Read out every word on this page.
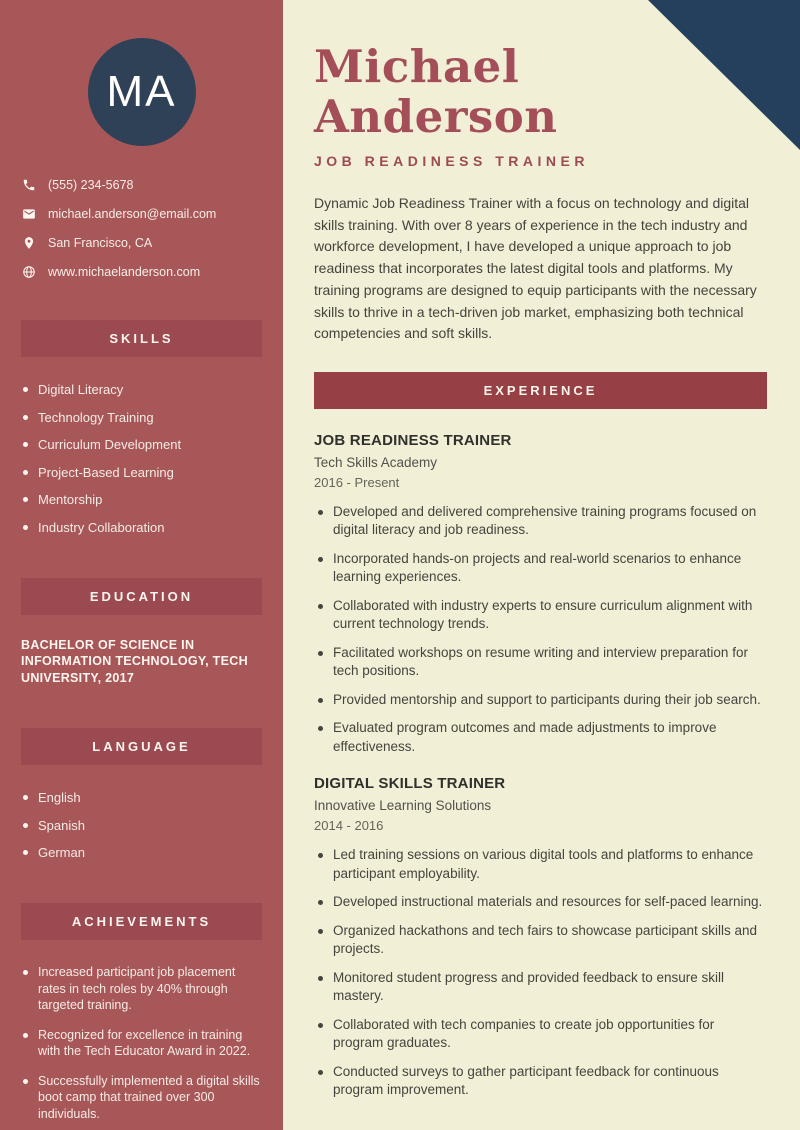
MA
(555) 234-5678
michael.anderson@email.com
San Francisco, CA
www.michaelanderson.com
SKILLS
Digital Literacy
Technology Training
Curriculum Development
Project-Based Learning
Mentorship
Industry Collaboration
EDUCATION

BACHELOR OF SCIENCE IN INFORMATION TECHNOLOGY, TECH UNIVERSITY, 2017

LANGUAGE
English
Spanish
German
ACHIEVEMENTS
Increased participant job placement rates in tech roles by 40% through targeted training.
Recognized for excellence in training with the Tech Educator Award in 2022.
Successfully implemented a digital skills boot camp that trained over 300 individuals.
Michael Anderson
JOB READINESS TRAINER

Dynamic Job Readiness Trainer with a focus on technology and digital skills training. With over 8 years of experience in the tech industry and workforce development, I have developed a unique approach to job readiness that incorporates the latest digital tools and platforms. My training programs are designed to equip participants with the necessary skills to thrive in a tech-driven job market, emphasizing both technical competencies and soft skills.

EXPERIENCE
JOB READINESS TRAINER
Tech Skills Academy
2016 - Present
Developed and delivered comprehensive training programs focused on digital literacy and job readiness.
Incorporated hands-on projects and real-world scenarios to enhance learning experiences.
Collaborated with industry experts to ensure curriculum alignment with current technology trends.
Facilitated workshops on resume writing and interview preparation for tech positions.
Provided mentorship and support to participants during their job search.
Evaluated program outcomes and made adjustments to improve effectiveness.
DIGITAL SKILLS TRAINER
Innovative Learning Solutions
2014 - 2016
Led training sessions on various digital tools and platforms to enhance participant employability.
Developed instructional materials and resources for self-paced learning.
Organized hackathons and tech fairs to showcase participant skills and projects.
Monitored student progress and provided feedback to ensure skill mastery.
Collaborated with tech companies to create job opportunities for program graduates.
Conducted surveys to gather participant feedback for continuous program improvement.
